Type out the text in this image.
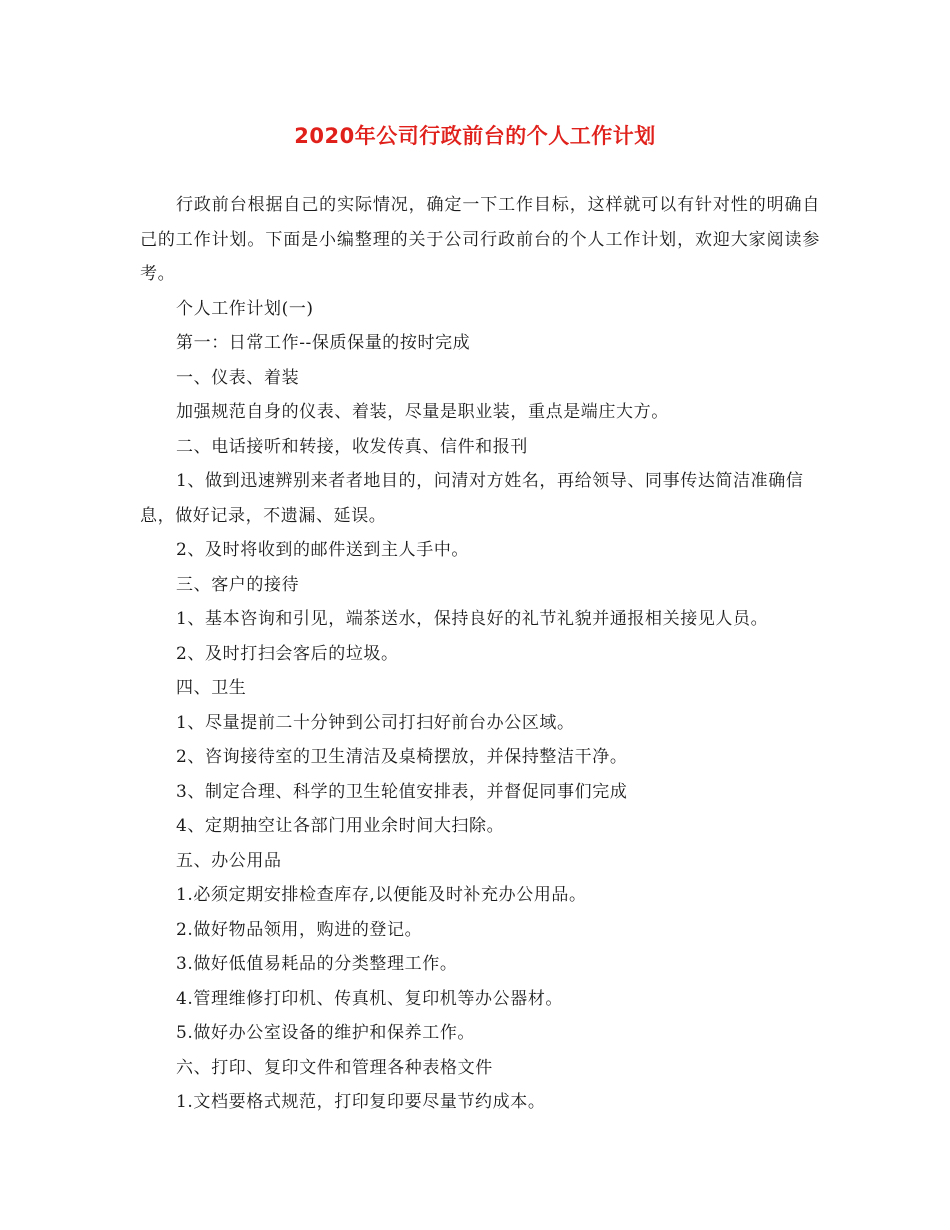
2020年公司行政前台的个人工作计划

行政前台根据自己的实际情况，确定一下工作目标，这样就可以有针对性的明确自己的工作计划。下面是小编整理的关于公司行政前台的个人工作计划，欢迎大家阅读参考。

个人工作计划(一)

第一：日常工作--保质保量的按时完成

一、仪表、着装

加强规范自身的仪表、着装，尽量是职业装，重点是端庄大方。

二、电话接听和转接，收发传真、信件和报刊

1、做到迅速辨别来者者地目的，问清对方姓名，再给领导、同事传达简洁准确信息，做好记录，不遗漏、延误。

2、及时将收到的邮件送到主人手中。

三、客户的接待

1、基本咨询和引见，端茶送水，保持良好的礼节礼貌并通报相关接见人员。

2、及时打扫会客后的垃圾。

四、卫生

1、尽量提前二十分钟到公司打扫好前台办公区域。

2、咨询接待室的卫生清洁及桌椅摆放，并保持整洁干净。

3、制定合理、科学的卫生轮值安排表，并督促同事们完成

4、定期抽空让各部门用业余时间大扫除。

五、办公用品

1.必须定期安排检查库存,以便能及时补充办公用品。

2.做好物品领用，购进的登记。

3.做好低值易耗品的分类整理工作。

4.管理维修打印机、传真机、复印机等办公器材。

5.做好办公室设备的维护和保养工作。

六、打印、复印文件和管理各种表格文件

1.文档要格式规范，打印复印要尽量节约成本。
